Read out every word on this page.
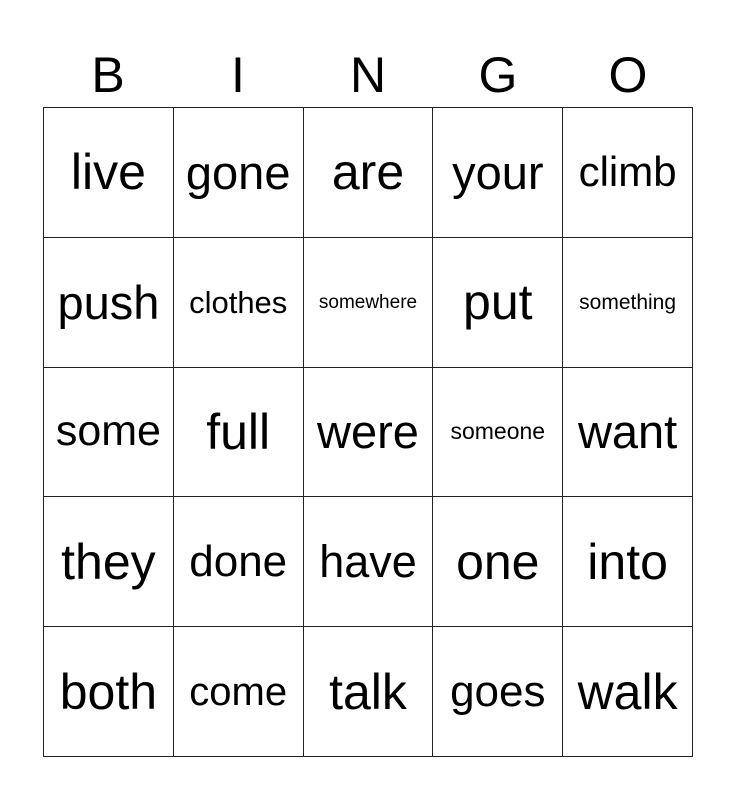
B	I	N	G	O
live gone are	your climb
push clothes	somewhere put	something
some full were	someone want
they done have one into
both come talk goes walk
